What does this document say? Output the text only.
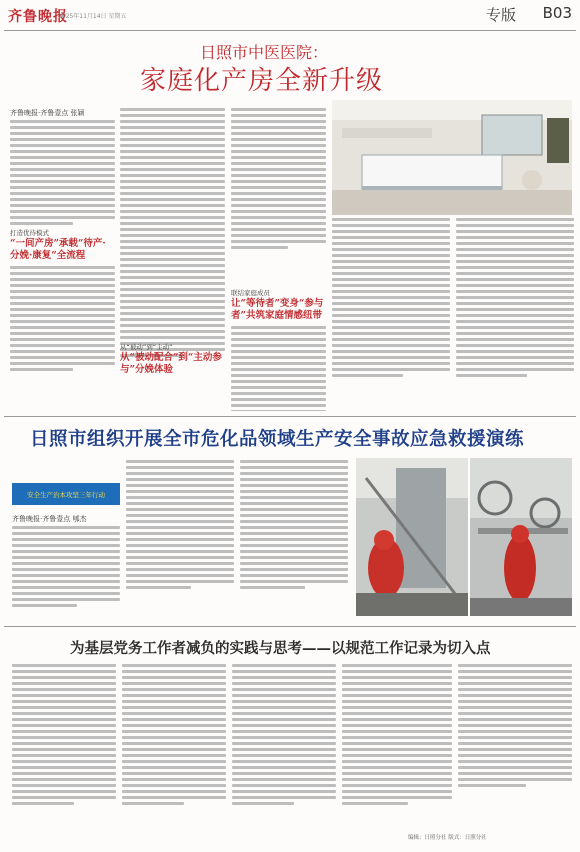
齐鲁晚报
2025年11月14日 星期五	专版 B03
日照市中医医院：
家庭化产房全新升级
齐鲁晚报·齐鲁壹点 张颖
打造优待模式
“一间产房”承载“待产·分娩·康复”全流程
从“被动”到“主动”
从“被动配合”到“主动参与”分娩体验
联结家庭成员
让“等待者”变身“参与者”共筑家庭情感纽带
日照市组织开展全市危化品领域生产安全事故应急救援演练
安全生产治本攻坚三年行动
齐鲁晚报·齐鲁壹点 郇杰
为基层党务工作者减负的实践与思考——以规范工作记录为切入点
编辑：日照分社 版式：日照分社
